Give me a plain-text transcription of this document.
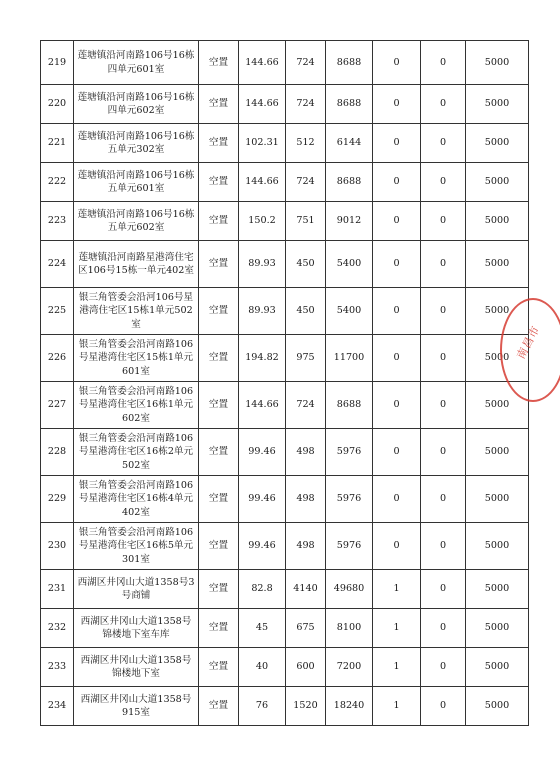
219	莲塘镇沿河南路106号16栋四单元601室	空置	144.66	724	8688	0	0	5000
220	莲塘镇沿河南路106号16栋四单元602室	空置	144.66	724	8688	0	0	5000
221	莲塘镇沿河南路106号16栋五单元302室	空置	102.31	512	6144	0	0	5000
222	莲塘镇沿河南路106号16栋五单元601室	空置	144.66	724	8688	0	0	5000
223	莲塘镇沿河南路106号16栋五单元602室	空置	150.2	751	9012	0	0	5000
224	莲塘镇沿河南路星港湾住宅区106号15栋一单元402室	空置	89.93	450	5400	0	0	5000
225	银三角管委会沿河106号星港湾住宅区15栋1单元502室	空置	89.93	450	5400	0	0	5000
226	银三角管委会沿河南路106号星港湾住宅区15栋1单元601室	空置	194.82	975	11700	0	0	5000
227	银三角管委会沿河南路106号星港湾住宅区16栋1单元602室	空置	144.66	724	8688	0	0	5000
228	银三角管委会沿河南路106号星港湾住宅区16栋2单元502室	空置	99.46	498	5976	0	0	5000
229	银三角管委会沿河南路106号星港湾住宅区16栋4单元402室	空置	99.46	498	5976	0	0	5000
230	银三角管委会沿河南路106号星港湾住宅区16栋5单元301室	空置	99.46	498	5976	0	0	5000
231	西湖区井冈山大道1358号3号商铺	空置	82.8	4140	49680	1	0	5000
232	西湖区井冈山大道1358号锦楼地下室车库	空置	45	675	8100	1	0	5000
233	西湖区井冈山大道1358号锦楼地下室	空置	40	600	7200	1	0	5000
234	西湖区井冈山大道1358号915室	空置	76	1520	18240	1	0	5000
南昌市
